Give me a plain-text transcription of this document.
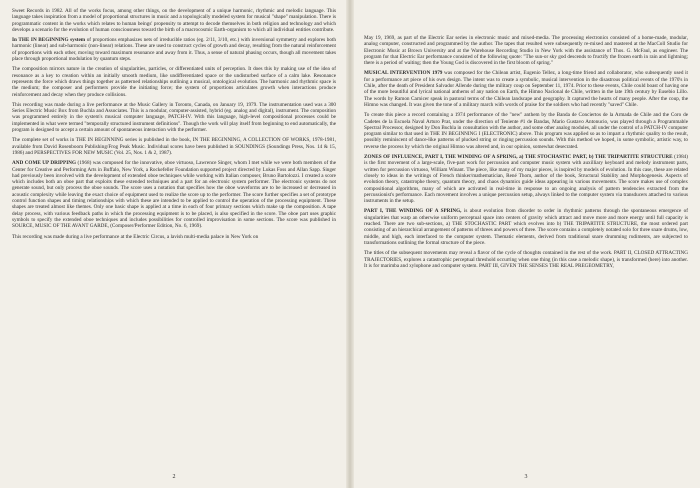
Sweet Records in 1982. All of the works focus, among other things, on the development of a unique harmonic, rhythmic and melodic language. This language takes inspiration from a model of proportional structures in music and a topologically modeled system for musical "shape" manipulation. There is programmatic content in the works which relates to human beings' propensity to attempt to decode themselves in both religion and technology and which develops a scenario for the evolution of human consciousness toward the birth of a macrocosmic Earth-organism to which all individual entities contribute.

In THE IN BEGINNING system of proportions emphasizes nets of irreducible ratios (eg. 2/11, 3/10, etc.) with inversional symmetry and explores both harmonic (linear) and sub-harmonic (non-linear) relations. These are used to construct cycles of growth and decay, resulting from the natural reinforcement of proportions with each other, moving toward maximum resonance and away from it. Thus, a sense of natural phasing occurs, though all movement takes place through proportional modulation by quantum steps.

The composition mirrors nature in the creation of singularities, particles, or differentiated units of perception. It does this by making use of the idea of resonance as a key to creation within an initially smooth medium, like undifferentiated space or the undisturbed surface of a calm lake. Resonance represents the force which draws things together as patterned relationships outlining a musical, ontological evolution. The harmonic and rhythmic space is the medium; the composer and performers provide the initiating force; the system of proportions articulates growth when interactions produce reinforcement and decay when they produce collisions.

This recording was made during a live performance at the Music Gallery in Toronto, Canada, on January 19, 1979. The instrumentation used was a 300 Series Electric Music Box from Buchla and Associates. This is a modular, computer-assisted, hybrid (eg. analog and digital), instrument. The composition was programmed entirely in the system's musical computer language, PATCH-IV. With this language, high-level compositional processes could be implemented in what were termed "temporally structured instrument definitions". Though the work will play itself from beginning to end automatically, the program is designed to accept a certain amount of spontaneous interaction with the performer.

The complete set of works in THE IN BEGINNING series is published in the book, IN THE BEGINNING, A COLLECTION OF WORKS, 1978-1981, available from David Rosenboom Publishing/Frog Peak Music. Individual scores have been published in SOUNDINGS (Soundings Press, Nos. 14 & 15, 1986) and PERSPECTIVES FOR NEW MUSIC (Vol. 25, Nos. 1 & 2, 1987).

AND COME UP DRIPPING (1968) was composed for the innovative, oboe virtuoso, Lawrence Singer, whom I met while we were both members of the Center for Creative and Performing Arts in Buffalo, New York, a Rockefeller Foundation supported project directed by Lukas Foss and Allan Sapp. Singer had previously been involved with the development of extended oboe techniques while working with Italian composer, Bruno Bartolozzi. I created a score which includes both an oboe part that exploits these extended techniques and a part for an electronic system performer. The electronic systems do not generate sound, but only process the oboe sounds. The score uses a notation that specifies how the oboe waveforms are to be increased or decreased in acoustic complexity while leaving the exact choice of equipment used to realize the score up to the performer. The score further specifies a set of prototype control function shapes and timing relationships with which these are intended to be applied to control the operation of the processing equipment. These shapes are treated almost like themes. Only one basic shape is applied at a time in each of four primary sections which make up the composition. A tape delay process, with various feedback paths in which the processing equipment is to be placed, is also specified in the score. The oboe part uses graphic symbols to specify the extended oboe techniques and includes possibilities for controlled improvisation in some sections. The score was published in SOURCE, MUSIC OF THE AVANT GARDE, (Composer/Performer Edition, No. 6, 1969).

This recording was made during a live performance at the Electric Circus, a lavish multi-media palace in New York on

2

May 19, 1969, as part of the Electric Ear series in electronic music and mixed-media. The processing electronics consisted of a home-made, modular, analog computer, constructed and programmed by the author. The tapes that resulted were subsequently re-mixed and mastered at the MacColl Studio for Electronic Music at Brown University and at the Warehouse Recording Studio in New York with the assistance of Thos. G. McFaul, as engineer. The program for that Electric Ear performance consisted of the following quote: "The sun-or sky god descends to fructify the frozen earth in rain and lightning; there is a period of waiting; then the Young God is discovered in the first bloom of spring."

MUSICAL INTERVENTION 1979 was composed for the Chilean artist, Eugenio Tellez, a long-time friend and collaborator, who subsequently used it for a performance art piece of his own design. The intent was to create a symbolic, musical intervention in the disastrous political events of the 1970's in Chile, after the death of President Salvador Allende during the military coup on September 11, 1974. Prior to these events, Chile could boast of having one of the more beautiful and lyrical national anthems of any nation on Earth, the Himno Nacional de Chile, written in the late 19th century by Eusebio Lillo. The words by Ramon Carnicer speak in pastoral terms of the Chilean landscape and geography. It captured the hearts of many people. After the coup, the Himno was changed. It was given the tone of a military march with words of praise for the soldiers who had recently "saved" Chile.

To create this piece a record containing a 1974 performance of the "new" anthem by the Banda de Conciertos de la Armada de Chile and the Coro de Cadetes de la Escuela Naval Arturo Prat, under the direction of Teniente #1 de Bandas, Mario Gustavo Antonucio, was played through a Programmable Spectral Processor, designed by Don Buchla in consultation with the author, and some other analog modules, all under the control of a PATCH-IV computer program similar to that used in THE IN BEGINNING I (ELECTRONIC) above. This program was applied so as to impart a rhythmic quality to the result, possibly reminiscent of dance-like patterns of plucked string or ringing percussion sounds. With this method we hoped, in some symbolic, artistic way, to reverse the process by which the original Himno was altered and, in our opinion, somewhat desecrated.

ZONES OF INFLUENCE, PART I, THE WINDING OF A SPRING, a) THE STOCHASTIC PART, b) THE TRIPARTITE STRUCTURE (1984) is the first movement of a large-scale, five-part work for percussion and computer music system with auxilliary keyboard and melody instrument parts, written for percussion virtuoso, William Winant. The piece, like many of my major pieces, is inspired by models of evolution. In this case, these are related closely to ideas in the writings of French thinker/mathematician, René Thom, author of the book, Structural Stability and Morphogenesis. Aspects of evolution theory, catastrophe theory, quantum theory, and chaos dynamics guide ideas appearing in various movements. The score makes use of complex compositional algorithms, many of which are activated in real-time in response to an ongoing analysis of pattern tendencies extracted from the percussionist's performance. Each movement involves a unique percussion setup, always linked to the computer system via transducers attached to various instruments in the setup.

PART I, THE WINDING OF A SPRING, is about evolution from disorder to order in rhythmic patterns through the spontaneous emergence of singularities that warp an otherwise uniform perceptual space into centers of gravity which attract and move more and more energy until full capacity is reached. There are two sub-sections, a) THE STOCHASTIC PART which evolves into b) THE TRIPARTITE STRUCTURE, the most ordered part consisting of an hierarchical arrangement of patterns of threes and powers of three. The score contains a completely notated solo for three snare drums, low, middle, and high, each interfaced to the computer system. Thematic elements, derived from traditional snare drumming rudiments, are subjected to transformations outlining the formal structure of the piece.

The titles of the subsequent movements may reveal a flavor of the cycle of thoughts contained in the rest of the work. PART II, CLOSED ATTRACTING TRAJECTORIES, explores a catastrophic perceptual threshold occurring when one thing (in this case a melodic shape), is transformed (here) into another. It is for marimba and xylophone and computer system. PART III, GIVEN THE SENSES THE REAL PREGEOMETRY,

3
